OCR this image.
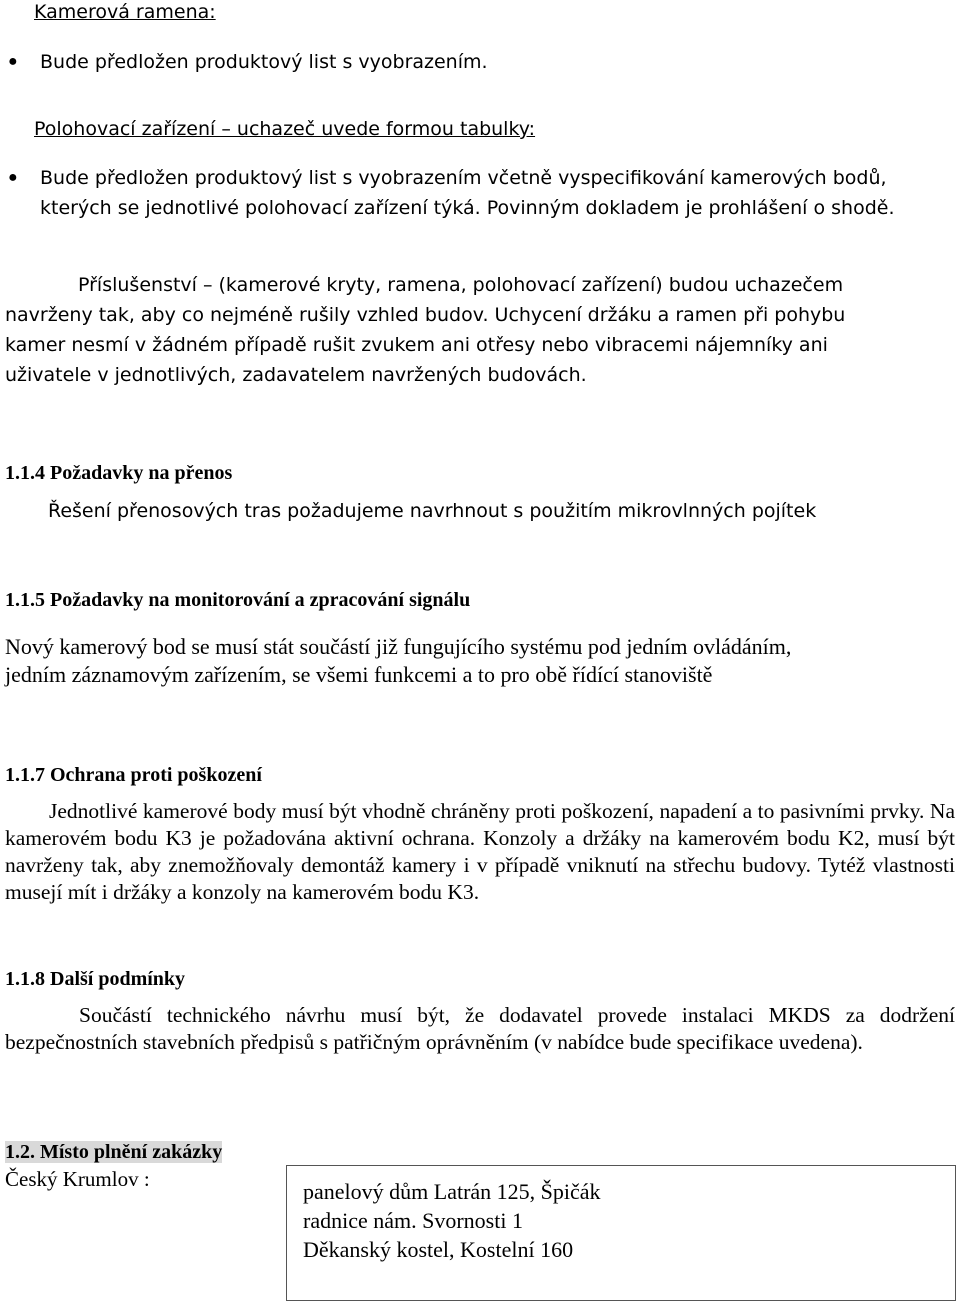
Kamerová ramena:
● Bude předložen produktový list s vyobrazením.
Polohovací zařízení – uchazeč uvede formou tabulky:
● Bude předložen produktový list s vyobrazením včetně vyspecifikování kamerových bodů,
kterých se jednotlivé polohovací zařízení týká. Povinným dokladem je prohlášení o shodě.
Příslušenství – (kamerové kryty, ramena, polohovací zařízení) budou uchazečem
navrženy tak, aby co nejméně rušily vzhled budov. Uchycení držáku a ramen při pohybu
kamer nesmí v žádném případě rušit zvukem ani otřesy nebo vibracemi nájemníky ani
uživatele v jednotlivých, zadavatelem navržených budovách.
1.1.4 Požadavky na přenos
Řešení přenosových tras požadujeme navrhnout s použitím mikrovlnných pojítek
1.1.5 Požadavky na monitorování a zpracování signálu
Nový kamerový bod se musí stát součástí již fungujícího systému pod jedním ovládáním,
jedním záznamovým zařízením, se všemi funkcemi a to pro obě řídící stanoviště
1.1.7 Ochrana proti poškození
Jednotlivé kamerové body musí být vhodně chráněny proti poškození, napadení a to pasivními prvky. Na kamerovém bodu K3 je požadována aktivní ochrana. Konzoly a držáky na kamerovém bodu K2, musí být navrženy tak, aby znemožňovaly demontáž kamery i v případě vniknutí na střechu budovy. Tytéž vlastnosti musejí mít i držáky a konzoly na kamerovém bodu K3.
1.1.8 Další podmínky
Součástí technického návrhu musí být, že dodavatel provede instalaci MKDS za dodržení bezpečnostních stavebních předpisů s patřičným oprávněním (v nabídce bude specifikace uvedena).
1.2. Místo plnění zakázky
Český Krumlov :	panelový dům Latrán 125, Špičák
radnice nám. Svornosti 1
Děkanský kostel, Kostelní 160
